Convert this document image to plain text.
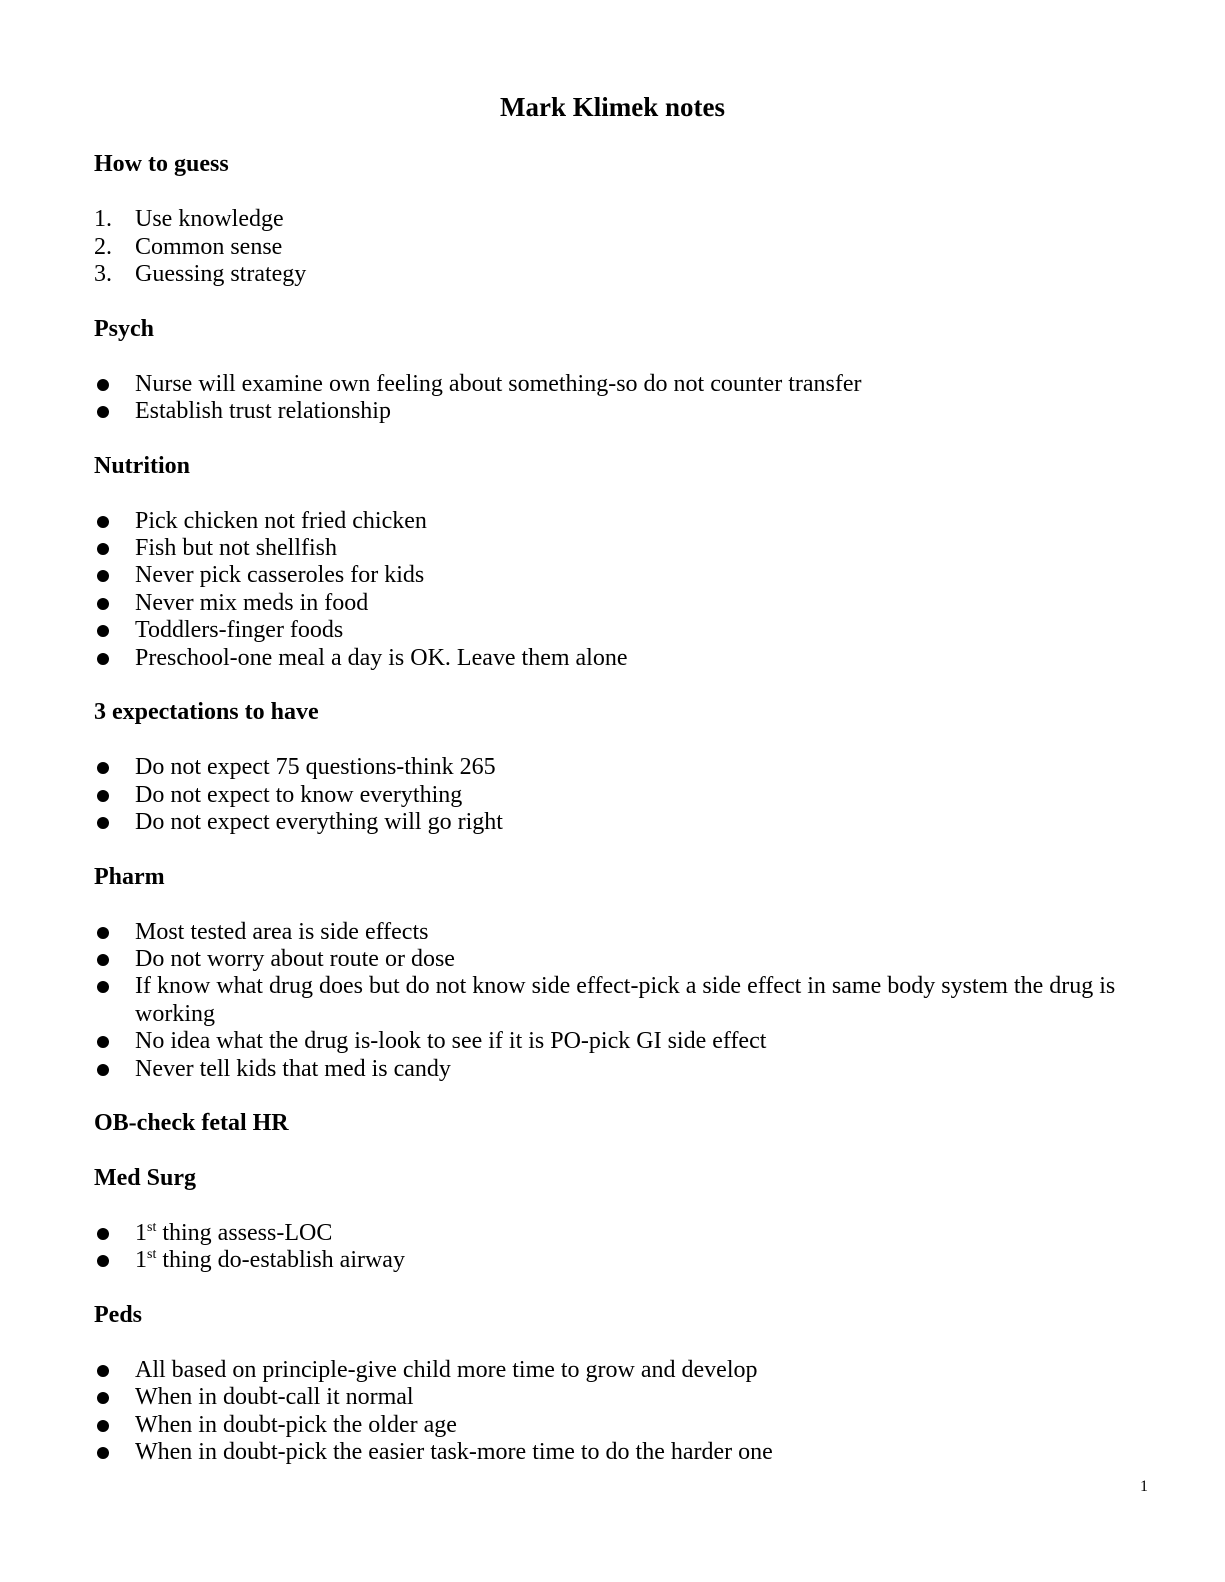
Mark Klimek notes
How to guess
1. Use knowledge
2. Common sense
3. Guessing strategy
Psych
Nurse will examine own feeling about something-so do not counter transfer
Establish trust relationship
Nutrition
Pick chicken not fried chicken
Fish but not shellfish
Never pick casseroles for kids
Never mix meds in food
Toddlers-finger foods
Preschool-one meal a day is OK. Leave them alone
3 expectations to have
Do not expect 75 questions-think 265
Do not expect to know everything
Do not expect everything will go right
Pharm
Most tested area is side effects
Do not worry about route or dose
If know what drug does but do not know side effect-pick a side effect in same body system the drug is working
No idea what the drug is-look to see if it is PO-pick GI side effect
Never tell kids that med is candy
OB-check fetal HR
Med Surg
1st thing assess-LOC
1st thing do-establish airway
Peds
All based on principle-give child more time to grow and develop
When in doubt-call it normal
When in doubt-pick the older age
When in doubt-pick the easier task-more time to do the harder one
1
